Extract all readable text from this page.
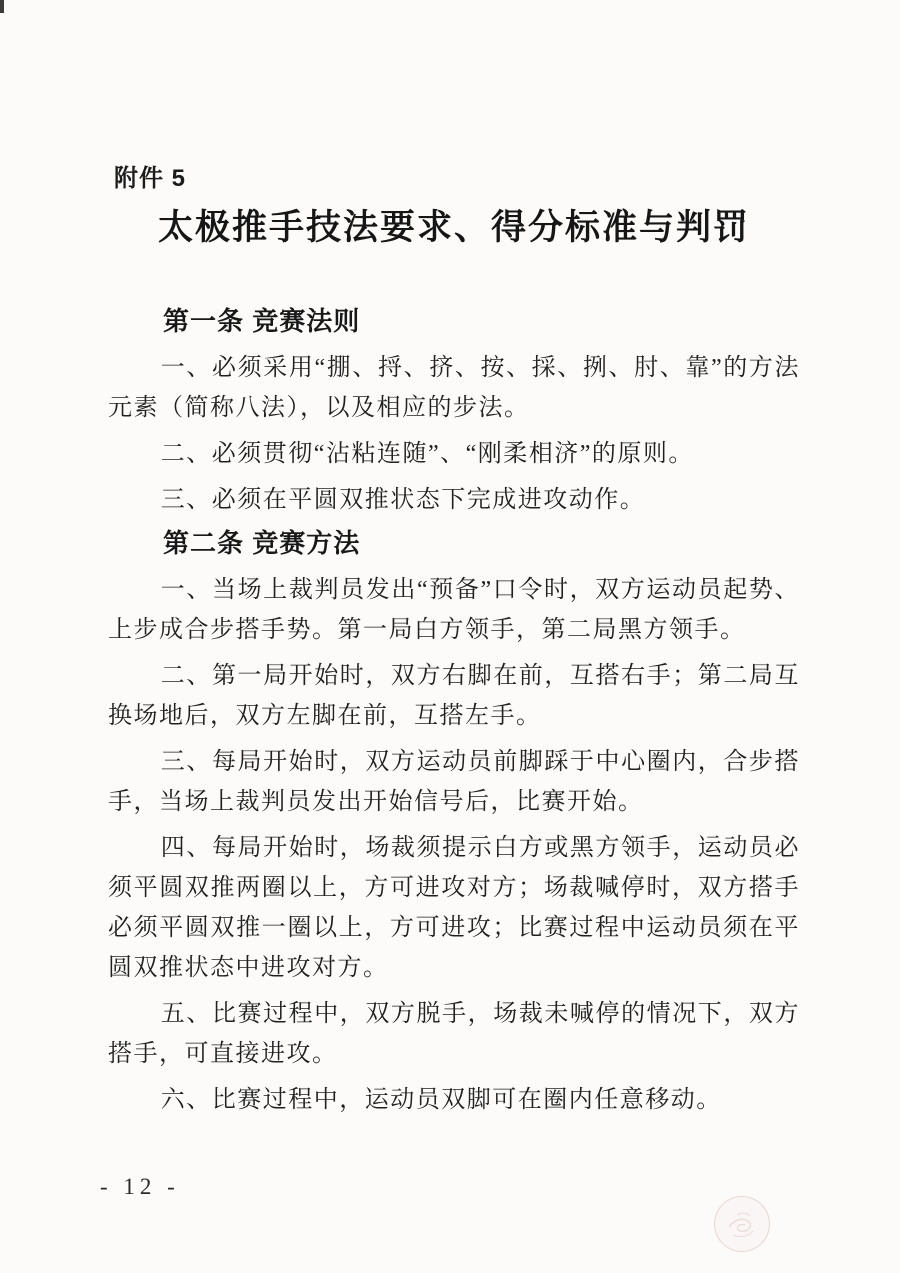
附件 5
太极推手技法要求、得分标准与判罚
第一条 竞赛法则

一、必须采用“掤、捋、挤、按、採、挒、肘、靠”的方法元素（简称八法），以及相应的步法。

二、必须贯彻“沾粘连随”、“刚柔相济”的原则。

三、必须在平圆双推状态下完成进攻动作。

第二条 竞赛方法

一、当场上裁判员发出“预备”口令时，双方运动员起势、上步成合步搭手势。第一局白方领手，第二局黑方领手。

二、第一局开始时，双方右脚在前，互搭右手；第二局互换场地后，双方左脚在前，互搭左手。

三、每局开始时，双方运动员前脚踩于中心圈内，合步搭手，当场上裁判员发出开始信号后，比赛开始。

四、每局开始时，场裁须提示白方或黑方领手，运动员必须平圆双推两圈以上，方可进攻对方；场裁喊停时，双方搭手必须平圆双推一圈以上，方可进攻；比赛过程中运动员须在平圆双推状态中进攻对方。

五、比赛过程中，双方脱手，场裁未喊停的情况下，双方搭手，可直接进攻。

六、比赛过程中，运动员双脚可在圈内任意移动。

- 12 -
